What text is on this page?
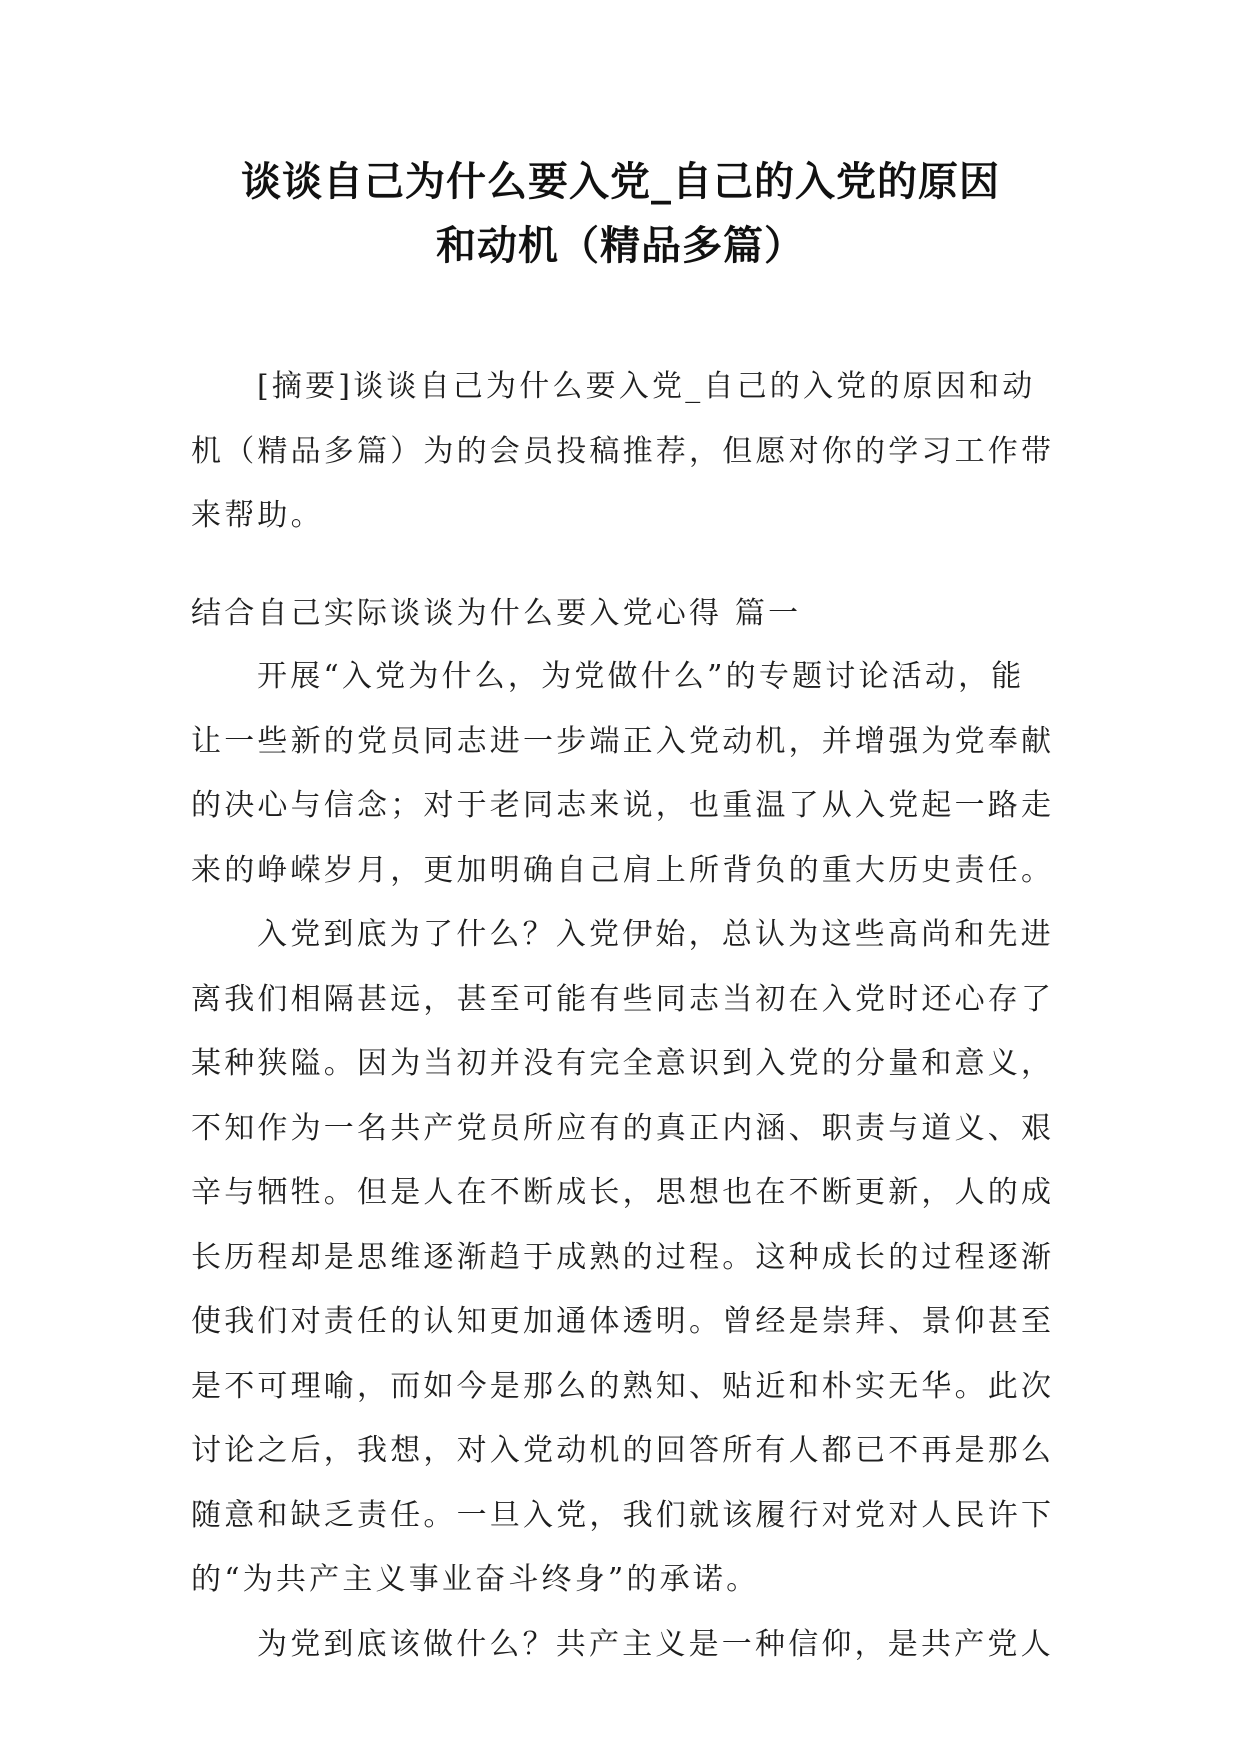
谈谈自己为什么要入党_自己的入党的原因
和动机（精品多篇）
[摘要]谈谈自己为什么要入党_自己的入党的原因和动
机（精品多篇）为的会员投稿推荐，但愿对你的学习工作带
来帮助。
结合自己实际谈谈为什么要入党心得 篇一
开展“入党为什么，为党做什么”的专题讨论活动，能
让一些新的党员同志进一步端正入党动机，并增强为党奉献
的决心与信念；对于老同志来说，也重温了从入党起一路走
来的峥嵘岁月，更加明确自己肩上所背负的重大历史责任。
入党到底为了什么？入党伊始，总认为这些高尚和先进
离我们相隔甚远，甚至可能有些同志当初在入党时还心存了
某种狭隘。因为当初并没有完全意识到入党的分量和意义，
不知作为一名共产党员所应有的真正内涵、职责与道义、艰
辛与牺牲。但是人在不断成长，思想也在不断更新，人的成
长历程却是思维逐渐趋于成熟的过程。这种成长的过程逐渐
使我们对责任的认知更加通体透明。曾经是崇拜、景仰甚至
是不可理喻，而如今是那么的熟知、贴近和朴实无华。此次
讨论之后，我想，对入党动机的回答所有人都已不再是那么
随意和缺乏责任。一旦入党，我们就该履行对党对人民许下
的“为共产主义事业奋斗终身”的承诺。
为党到底该做什么？共产主义是一种信仰，是共产党人
